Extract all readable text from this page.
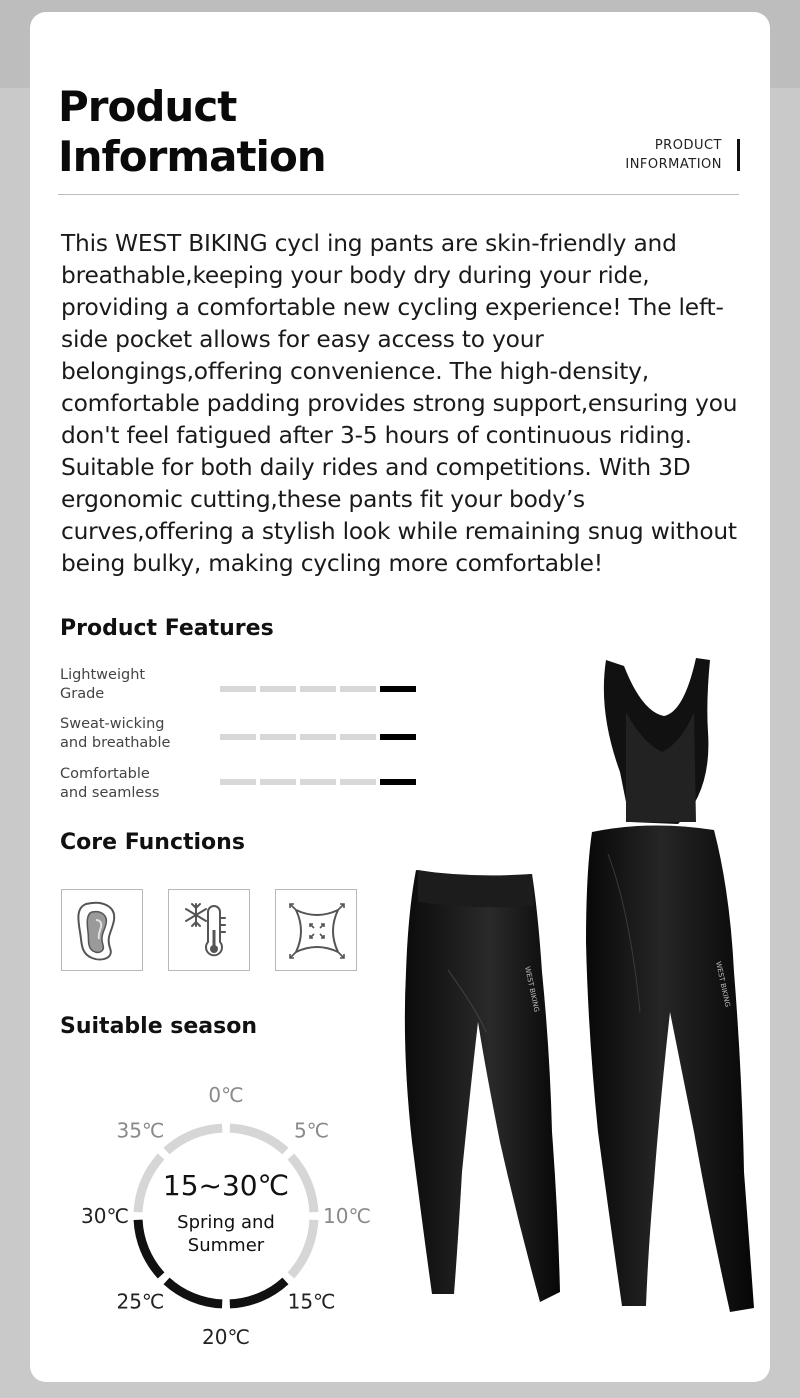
Product
Information	PRODUCT
INFORMATION

This WEST BIKING cycl ing pants are skin-friendly and breathable,keeping your body dry during your ride, providing a comfortable new cycling experience! The left-side pocket allows for easy access to your belongings,offering convenience. The high-density, comfortable padding provides strong support,ensuring you don't feel fatigued after 3-5 hours of continuous riding. Suitable for both daily rides and competitions. With 3D ergonomic cutting,these pants fit your body’s curves,offering a stylish look while remaining snug without being bulky, making cycling more comfortable!

Product Features
Lightweight
Grade
Sweat-wicking
and breathable
Comfortable
and seamless
Core Functions
Suitable season
0℃
5℃
10℃
15℃
20℃
25℃
30℃
35℃
15~30℃
Spring and
Summer
WEST BIKING	WEST BIKING
